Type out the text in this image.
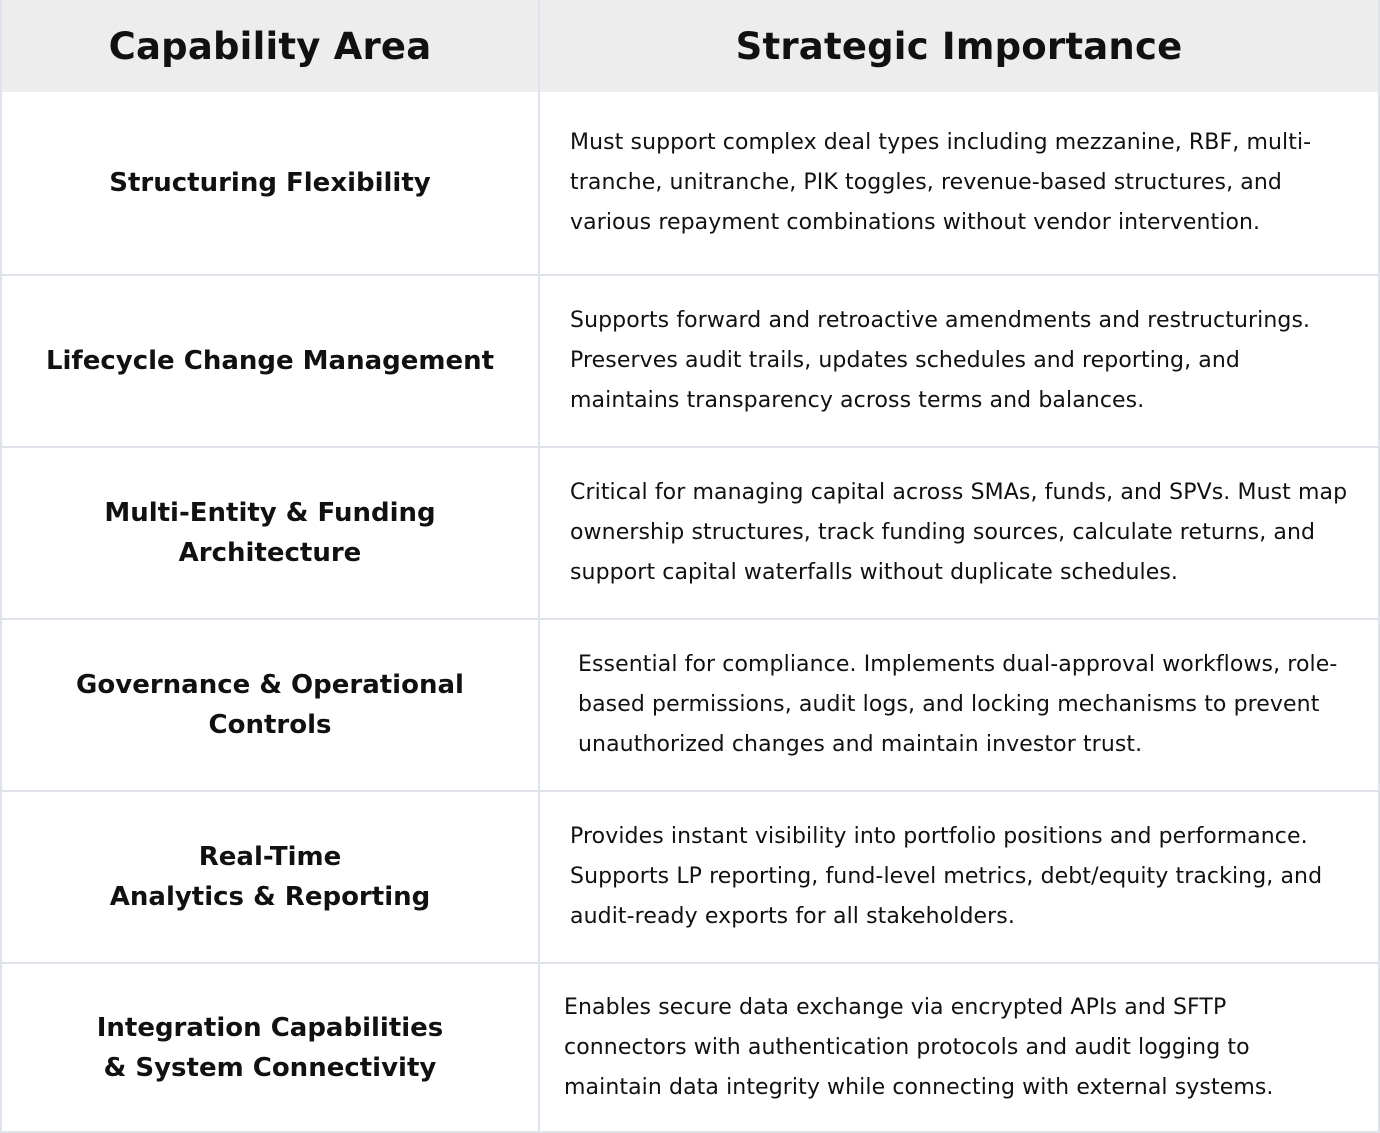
Capability Area	Strategic Importance
Structuring Flexibility
Must support complex deal types including mezzanine, RBF, multi-tranche, unitranche, PIK toggles, revenue-based structures, and various repayment combinations without vendor intervention.
Lifecycle Change Management
Supports forward and retroactive amendments and restructurings. Preserves audit trails, updates schedules and reporting, and maintains transparency across terms and balances.
Multi-Entity & Funding
Architecture
Critical for managing capital across SMAs, funds, and SPVs. Must map ownership structures, track funding sources, calculate returns, and support capital waterfalls without duplicate schedules.
Governance & Operational
Controls
Essential for compliance. Implements dual-approval workflows, role-based permissions, audit logs, and locking mechanisms to prevent unauthorized changes and maintain investor trust.
Real-Time
Analytics & Reporting
Provides instant visibility into portfolio positions and performance. Supports LP reporting, fund-level metrics, debt/equity tracking, and audit-ready exports for all stakeholders.
Integration Capabilities
& System Connectivity
Enables secure data exchange via encrypted APIs and SFTP connectors with authentication protocols and audit logging to maintain data integrity while connecting with external systems.
